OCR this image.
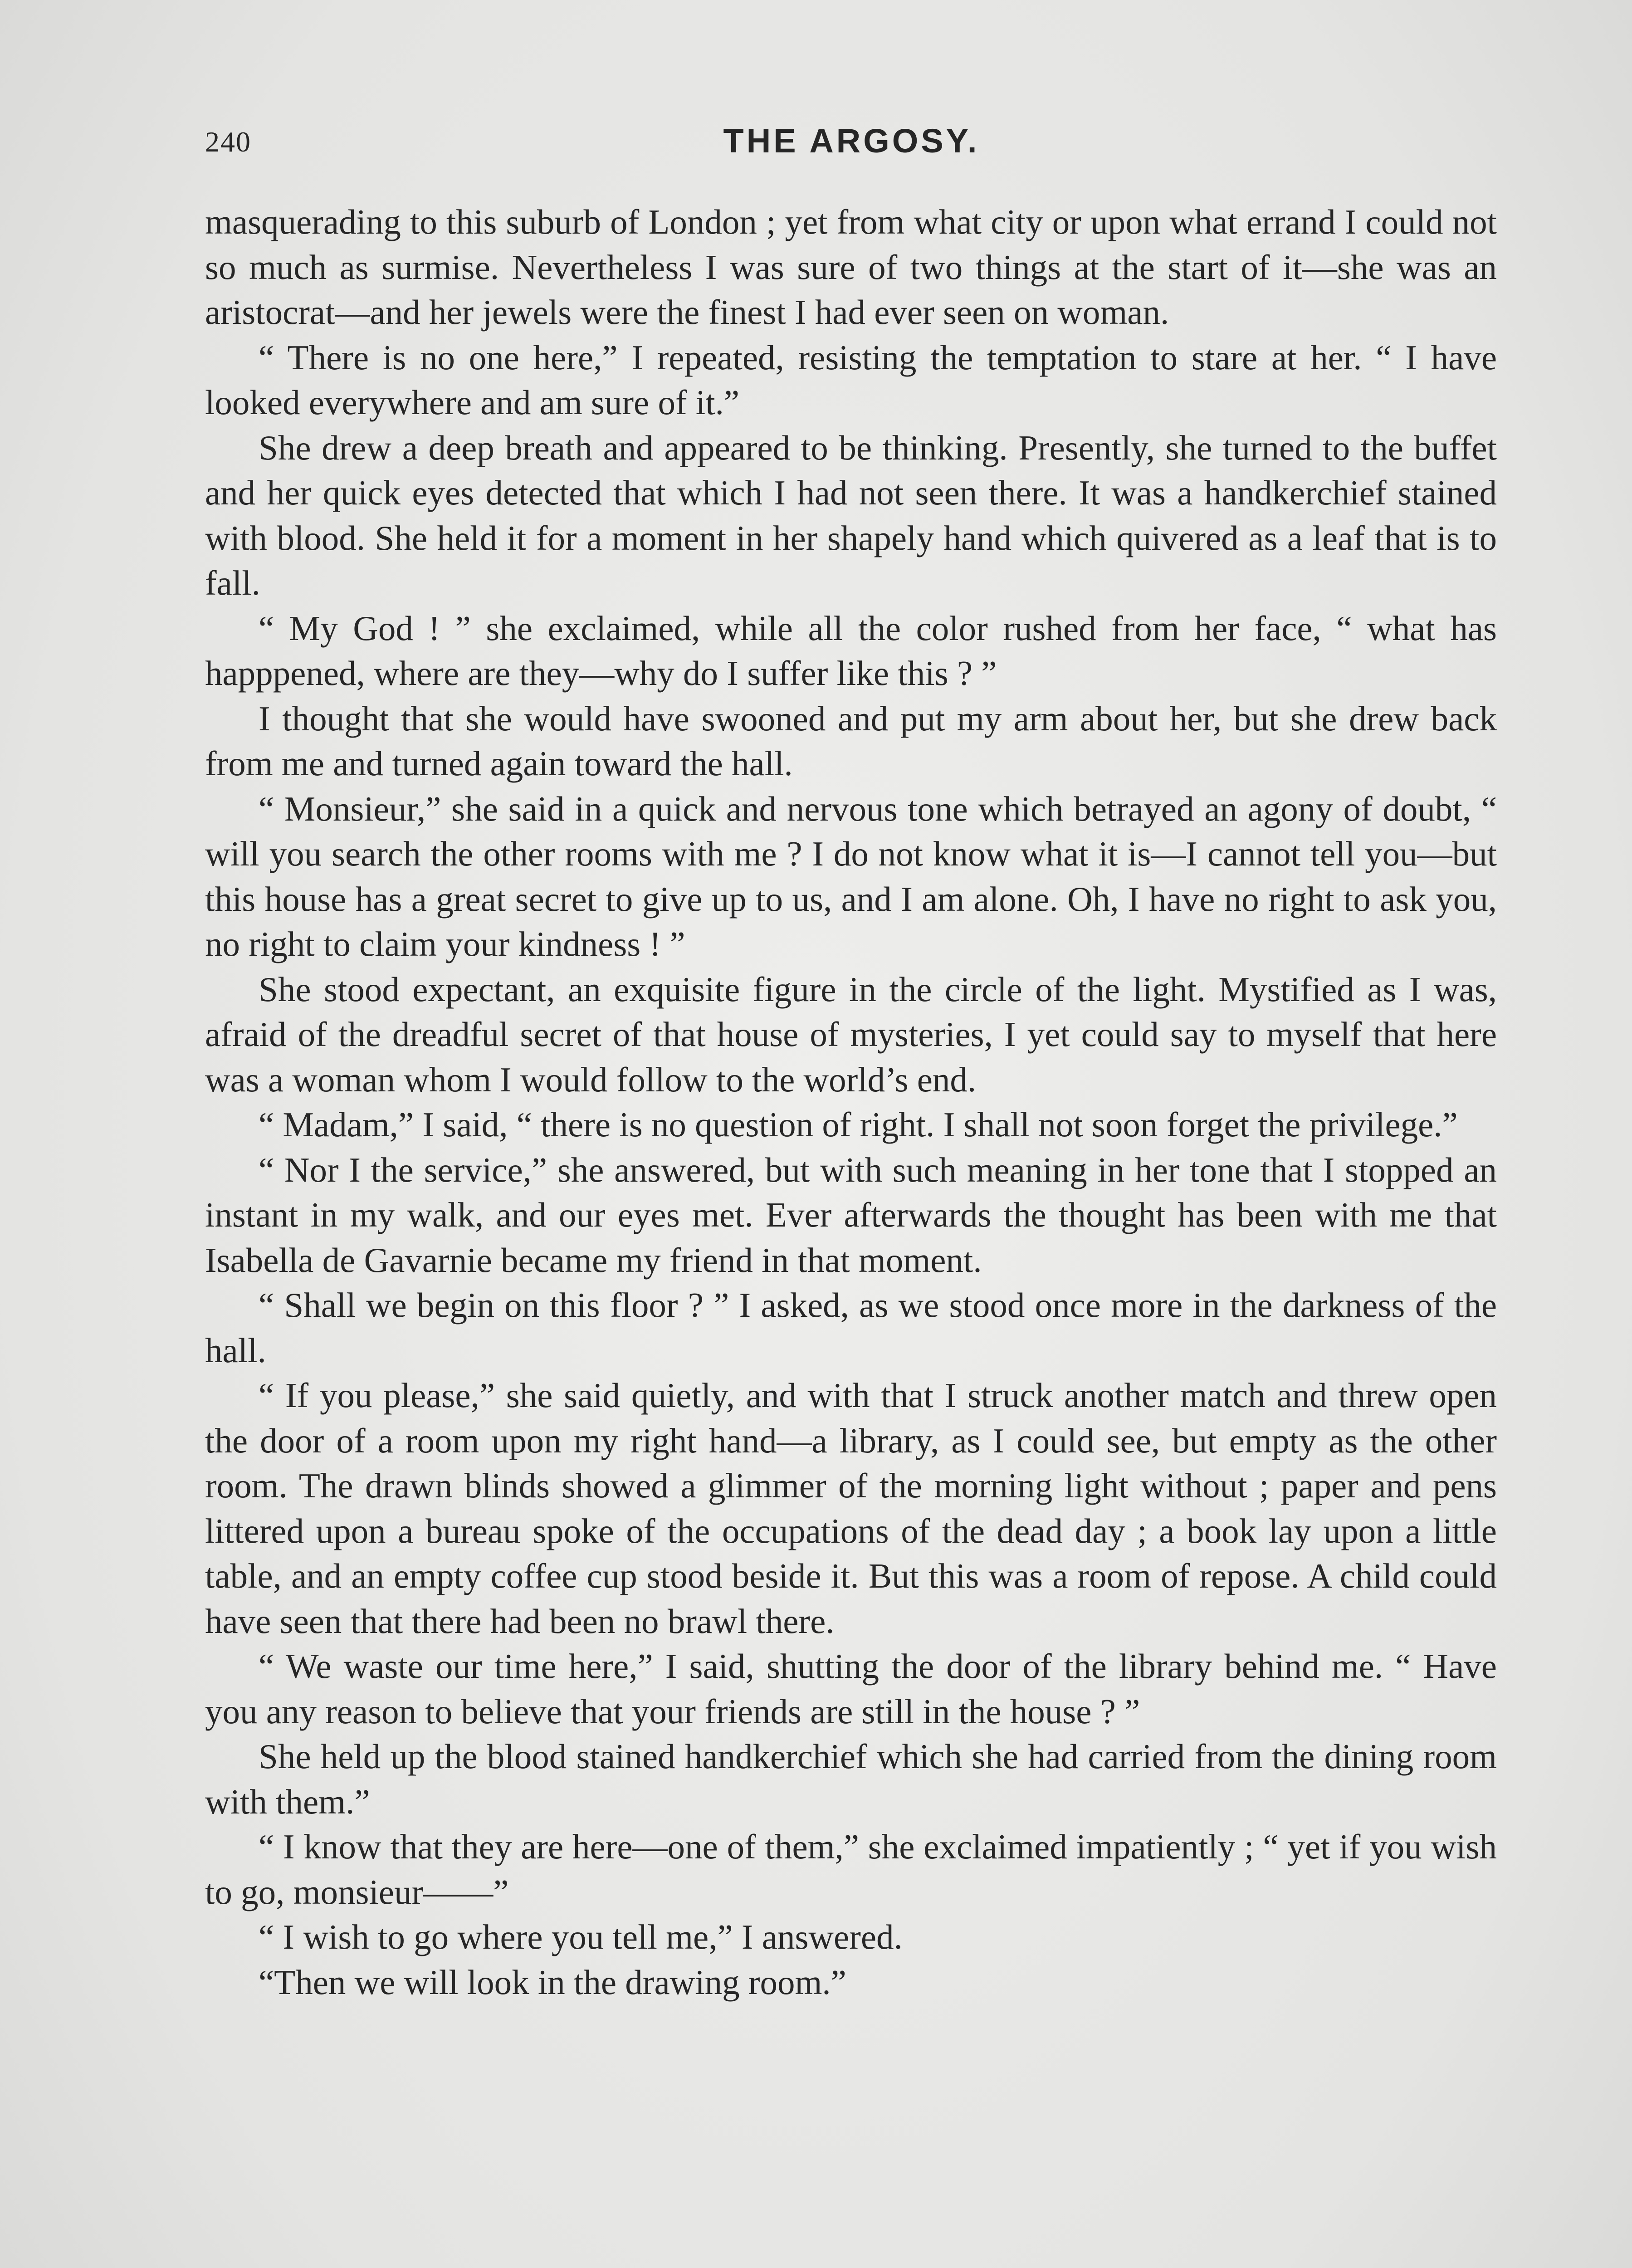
240	THE ARGOSY.

masquerading to this suburb of London ; yet from what city or upon what errand I could not so much as surmise. Nevertheless I was sure of two things at the start of it—she was an aristocrat—and her jewels were the finest I had ever seen on woman.

“ There is no one here,” I repeated, resisting the temptation to stare at her. “ I have looked everywhere and am sure of it.”

She drew a deep breath and appeared to be thinking. Presently, she turned to the buffet and her quick eyes detected that which I had not seen there. It was a handkerchief stained with blood. She held it for a moment in her shapely hand which quivered as a leaf that is to fall.

“ My God ! ” she exclaimed, while all the color rushed from her face, “ what has happpened, where are they—why do I suffer like this ? ”

I thought that she would have swooned and put my arm about her, but she drew back from me and turned again toward the hall.

“ Monsieur,” she said in a quick and nervous tone which betrayed an agony of doubt, “ will you search the other rooms with me ? I do not know what it is—I cannot tell you—but this house has a great secret to give up to us, and I am alone. Oh, I have no right to ask you, no right to claim your kindness ! ”

She stood expectant, an exquisite figure in the circle of the light. Mystified as I was, afraid of the dreadful secret of that house of mysteries, I yet could say to myself that here was a woman whom I would follow to the world’s end.

“ Madam,” I said, “ there is no question of right. I shall not soon forget the privilege.”

“ Nor I the service,” she answered, but with such meaning in her tone that I stopped an instant in my walk, and our eyes met. Ever afterwards the thought has been with me that Isabella de Gavarnie became my friend in that moment.

“ Shall we begin on this floor ? ” I asked, as we stood once more in the darkness of the hall.

“ If you please,” she said quietly, and with that I struck another match and threw open the door of a room upon my right hand—a library, as I could see, but empty as the other room. The drawn blinds showed a glimmer of the morning light without ; paper and pens littered upon a bureau spoke of the occupations of the dead day ; a book lay upon a little table, and an empty coffee cup stood beside it. But this was a room of repose. A child could have seen that there had been no brawl there.

“ We waste our time here,” I said, shutting the door of the library behind me. “ Have you any reason to believe that your friends are still in the house ? ”

She held up the blood stained handkerchief which she had carried from the dining room with them.”

“ I know that they are here—one of them,” she exclaimed impatiently ; “ yet if you wish to go, monsieur——”

“ I wish to go where you tell me,” I answered.

“Then we will look in the drawing room.”
